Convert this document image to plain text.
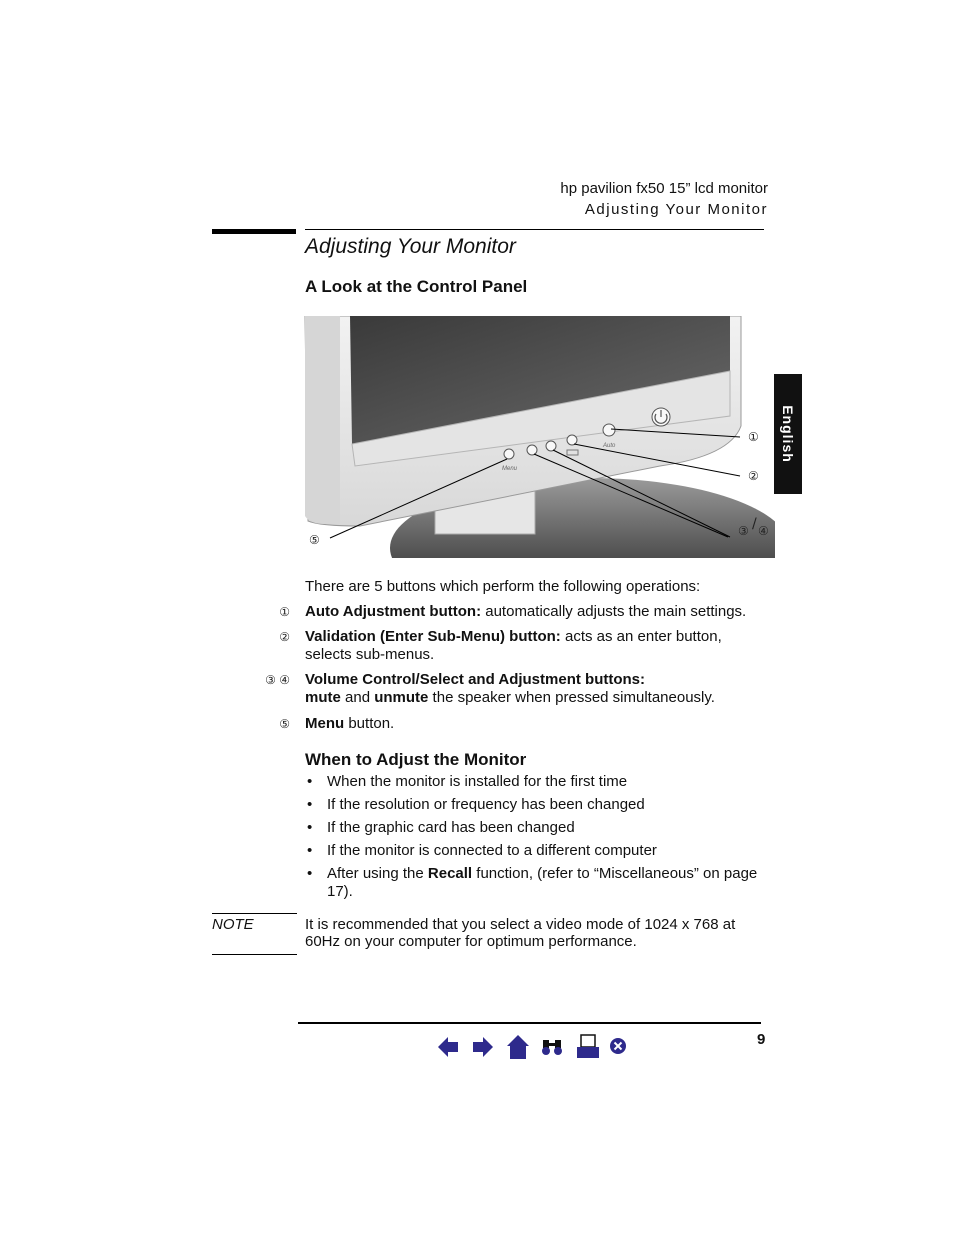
hp pavilion fx50 15” lcd monitor
Adjusting Your Monitor
Adjusting Your Monitor
A Look at the Control Panel
English
Menu
Auto
①
②
③ / ④
⑤
There are 5 buttons which perform the following operations:
① Auto Adjustment button: automatically adjusts the main settings.
② Validation (Enter Sub-Menu) button: acts as an enter button,
selects sub-menus.
③ ④ Volume Control/Select and Adjustment buttons:
mute and unmute the speaker when pressed simultaneously.
⑤ Menu button.
When to Adjust the Monitor
• When the monitor is installed for the first time
• If the resolution or frequency has been changed
• If the graphic card has been changed
• If the monitor is connected to a different computer
• After using the Recall function, (refer to “Miscellaneous” on page
17).
NOTE	It is recommended that you select a video mode of 1024 x 768 at
60Hz on your computer for optimum performance.
9
